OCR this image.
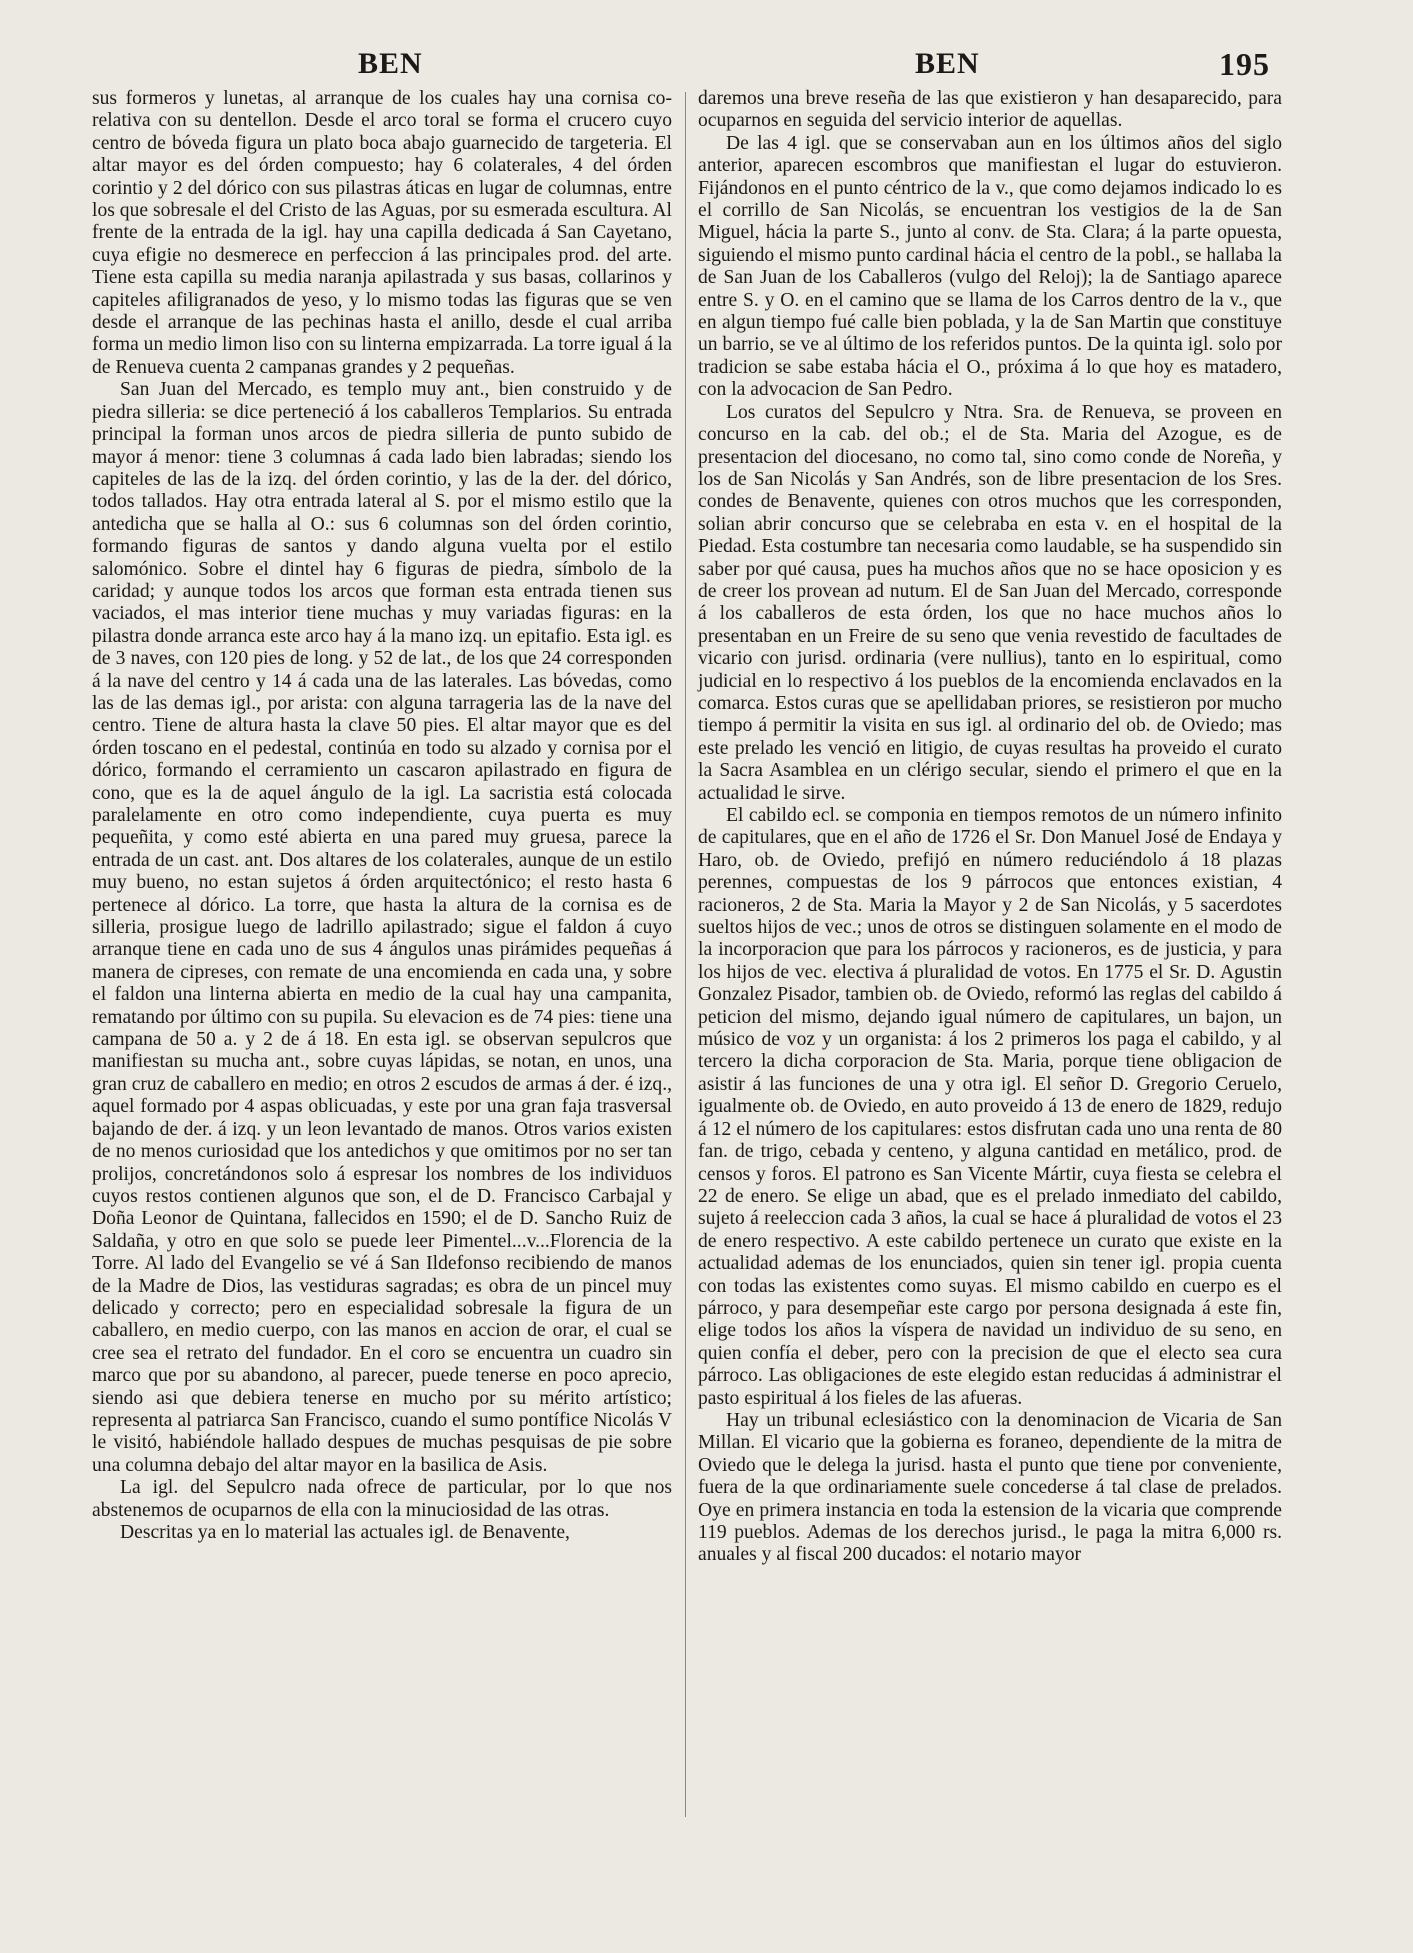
BEN	BEN	195

sus formeros y lunetas, al arranque de los cuales hay una cornisa co-relativa con su dentellon. Desde el arco toral se forma el crucero cuyo centro de bóveda figura un plato boca abajo guarnecido de targeteria. El altar mayor es del órden compuesto; hay 6 colaterales, 4 del órden corintio y 2 del dórico con sus pilastras áticas en lugar de columnas, entre los que sobresale el del Cristo de las Aguas, por su esmerada escultura. Al frente de la entrada de la igl. hay una capilla dedicada á San Cayetano, cuya efigie no desmerece en perfeccion á las principales prod. del arte. Tiene esta capilla su media naranja apilastrada y sus basas, collarinos y capiteles afiligranados de yeso, y lo mismo todas las figuras que se ven desde el arranque de las pechinas hasta el anillo, desde el cual arriba forma un medio limon liso con su linterna empizarrada. La torre igual á la de Renueva cuenta 2 campanas grandes y 2 pequeñas.

San Juan del Mercado, es templo muy ant., bien construido y de piedra silleria: se dice perteneció á los caballeros Templarios. Su entrada principal la forman unos arcos de piedra silleria de punto subido de mayor á menor: tiene 3 columnas á cada lado bien labradas; siendo los capiteles de las de la izq. del órden corintio, y las de la der. del dórico, todos tallados. Hay otra entrada lateral al S. por el mismo estilo que la antedicha que se halla al O.: sus 6 columnas son del órden corintio, formando figuras de santos y dando alguna vuelta por el estilo salomónico. Sobre el dintel hay 6 figuras de piedra, símbolo de la caridad; y aunque todos los arcos que forman esta entrada tienen sus vaciados, el mas interior tiene muchas y muy variadas figuras: en la pilastra donde arranca este arco hay á la mano izq. un epitafio. Esta igl. es de 3 naves, con 120 pies de long. y 52 de lat., de los que 24 corresponden á la nave del centro y 14 á cada una de las laterales. Las bóvedas, como las de las demas igl., por arista: con alguna tarrageria las de la nave del centro. Tiene de altura hasta la clave 50 pies. El altar mayor que es del órden toscano en el pedestal, continúa en todo su alzado y cornisa por el dórico, formando el cerramiento un cascaron apilastrado en figura de cono, que es la de aquel ángulo de la igl. La sacristia está colocada paralelamente en otro como independiente, cuya puerta es muy pequeñita, y como esté abierta en una pared muy gruesa, parece la entrada de un cast. ant. Dos altares de los colaterales, aunque de un estilo muy bueno, no estan sujetos á órden arquitectónico; el resto hasta 6 pertenece al dórico. La torre, que hasta la altura de la cornisa es de silleria, prosigue luego de ladrillo apilastrado; sigue el faldon á cuyo arranque tiene en cada uno de sus 4 ángulos unas pirámides pequeñas á manera de cipreses, con remate de una encomienda en cada una, y sobre el faldon una linterna abierta en medio de la cual hay una campanita, rematando por último con su pupila. Su elevacion es de 74 pies: tiene una campana de 50 a. y 2 de á 18. En esta igl. se observan sepulcros que manifiestan su mucha ant., sobre cuyas lápidas, se notan, en unos, una gran cruz de caballero en medio; en otros 2 escudos de armas á der. é izq., aquel formado por 4 aspas oblicuadas, y este por una gran faja trasversal bajando de der. á izq. y un leon levantado de manos. Otros varios existen de no menos curiosidad que los antedichos y que omitimos por no ser tan prolijos, concretándonos solo á espresar los nombres de los individuos cuyos restos contienen algunos que son, el de D. Francisco Carbajal y Doña Leonor de Quintana, fallecidos en 1590; el de D. Sancho Ruiz de Saldaña, y otro en que solo se puede leer Pimentel...v...Florencia de la Torre. Al lado del Evangelio se vé á San Ildefonso recibiendo de manos de la Madre de Dios, las vestiduras sagradas; es obra de un pincel muy delicado y correcto; pero en especialidad sobresale la figura de un caballero, en medio cuerpo, con las manos en accion de orar, el cual se cree sea el retrato del fundador. En el coro se encuentra un cuadro sin marco que por su abandono, al parecer, puede tenerse en poco aprecio, siendo asi que debiera tenerse en mucho por su mérito artístico; representa al patriarca San Francisco, cuando el sumo pontífice Nicolás V le visitó, habiéndole hallado despues de muchas pesquisas de pie sobre una columna debajo del altar mayor en la basilica de Asis.

La igl. del Sepulcro nada ofrece de particular, por lo que nos abstenemos de ocuparnos de ella con la minuciosidad de las otras.

Descritas ya en lo material las actuales igl. de Benavente,

daremos una breve reseña de las que existieron y han desaparecido, para ocuparnos en seguida del servicio interior de aquellas.

De las 4 igl. que se conservaban aun en los últimos años del siglo anterior, aparecen escombros que manifiestan el lugar do estuvieron. Fijándonos en el punto céntrico de la v., que como dejamos indicado lo es el corrillo de San Nicolás, se encuentran los vestigios de la de San Miguel, hácia la parte S., junto al conv. de Sta. Clara; á la parte opuesta, siguiendo el mismo punto cardinal hácia el centro de la pobl., se hallaba la de San Juan de los Caballeros (vulgo del Reloj); la de Santiago aparece entre S. y O. en el camino que se llama de los Carros dentro de la v., que en algun tiempo fué calle bien poblada, y la de San Martin que constituye un barrio, se ve al último de los referidos puntos. De la quinta igl. solo por tradicion se sabe estaba hácia el O., próxima á lo que hoy es matadero, con la advocacion de San Pedro.

Los curatos del Sepulcro y Ntra. Sra. de Renueva, se proveen en concurso en la cab. del ob.; el de Sta. Maria del Azogue, es de presentacion del diocesano, no como tal, sino como conde de Noreña, y los de San Nicolás y San Andrés, son de libre presentacion de los Sres. condes de Benavente, quienes con otros muchos que les corresponden, solian abrir concurso que se celebraba en esta v. en el hospital de la Piedad. Esta costumbre tan necesaria como laudable, se ha suspendido sin saber por qué causa, pues ha muchos años que no se hace oposicion y es de creer los provean ad nutum. El de San Juan del Mercado, corresponde á los caballeros de esta órden, los que no hace muchos años lo presentaban en un Freire de su seno que venia revestido de facultades de vicario con jurisd. ordinaria (vere nullius), tanto en lo espiritual, como judicial en lo respectivo á los pueblos de la encomienda enclavados en la comarca. Estos curas que se apellidaban priores, se resistieron por mucho tiempo á permitir la visita en sus igl. al ordinario del ob. de Oviedo; mas este prelado les venció en litigio, de cuyas resultas ha proveido el curato la Sacra Asamblea en un clérigo secular, siendo el primero el que en la actualidad le sirve.

El cabildo ecl. se componia en tiempos remotos de un número infinito de capitulares, que en el año de 1726 el Sr. Don Manuel José de Endaya y Haro, ob. de Oviedo, prefijó en número reduciéndolo á 18 plazas perennes, compuestas de los 9 párrocos que entonces existian, 4 racioneros, 2 de Sta. Maria la Mayor y 2 de San Nicolás, y 5 sacerdotes sueltos hijos de vec.; unos de otros se distinguen solamente en el modo de la incorporacion que para los párrocos y racioneros, es de justicia, y para los hijos de vec. electiva á pluralidad de votos. En 1775 el Sr. D. Agustin Gonzalez Pisador, tambien ob. de Oviedo, reformó las reglas del cabildo á peticion del mismo, dejando igual número de capitulares, un bajon, un músico de voz y un organista: á los 2 primeros los paga el cabildo, y al tercero la dicha corporacion de Sta. Maria, porque tiene obligacion de asistir á las funciones de una y otra igl. El señor D. Gregorio Ceruelo, igualmente ob. de Oviedo, en auto proveido á 13 de enero de 1829, redujo á 12 el número de los capitulares: estos disfrutan cada uno una renta de 80 fan. de trigo, cebada y centeno, y alguna cantidad en metálico, prod. de censos y foros. El patrono es San Vicente Mártir, cuya fiesta se celebra el 22 de enero. Se elige un abad, que es el prelado inmediato del cabildo, sujeto á reeleccion cada 3 años, la cual se hace á pluralidad de votos el 23 de enero respectivo. A este cabildo pertenece un curato que existe en la actualidad ademas de los enunciados, quien sin tener igl. propia cuenta con todas las existentes como suyas. El mismo cabildo en cuerpo es el párroco, y para desempeñar este cargo por persona designada á este fin, elige todos los años la víspera de navidad un individuo de su seno, en quien confía el deber, pero con la precision de que el electo sea cura párroco. Las obligaciones de este elegido estan reducidas á administrar el pasto espiritual á los fieles de las afueras.

Hay un tribunal eclesiástico con la denominacion de Vicaria de San Millan. El vicario que la gobierna es foraneo, dependiente de la mitra de Oviedo que le delega la jurisd. hasta el punto que tiene por conveniente, fuera de la que ordinariamente suele concederse á tal clase de prelados. Oye en primera instancia en toda la estension de la vicaria que comprende 119 pueblos. Ademas de los derechos jurisd., le paga la mitra 6,000 rs. anuales y al fiscal 200 ducados: el notario mayor
